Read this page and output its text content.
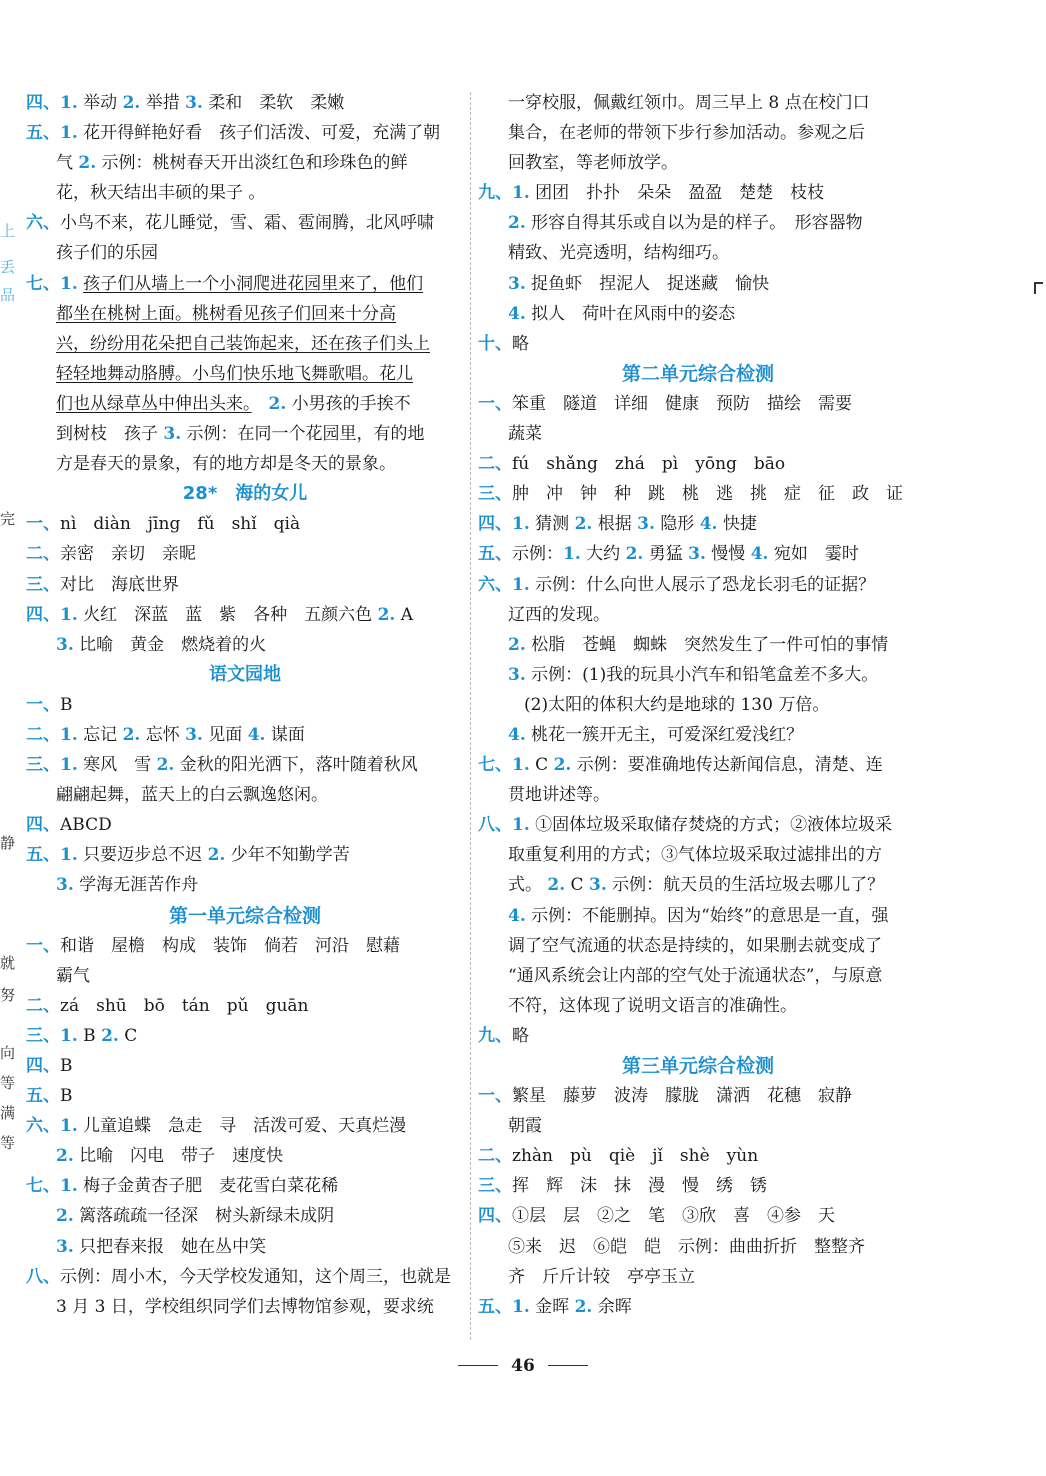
四、1. 举动 2. 举措 3. 柔和　柔软　柔嫩
五、1. 花开得鲜艳好看　孩子们活泼、可爱，充满了朝
气 2. 示例：桃树春天开出淡红色和珍珠色的鲜
花，秋天结出丰硕的果子 。
六、小鸟不来，花儿睡觉，雪、霜、雹闹腾，北风呼啸
孩子们的乐园
七、1. 孩子们从墙上一个小洞爬进花园里来了，他们
都坐在桃树上面。桃树看见孩子们回来十分高
兴，纷纷用花朵把自己装饰起来，还在孩子们头上
轻轻地舞动胳膊。小鸟们快乐地飞舞歌唱。花儿
们也从绿草丛中伸出头来。　 2. 小男孩的手挨不
到树枝　孩子 3. 示例：在同一个花园里，有的地
方是春天的景象，有的地方却是冬天的景象。
28*　海的女儿
一、nì　diàn　jīng　fǔ　shǐ　qià
二、亲密　亲切　亲昵
三、对比　海底世界
四、1. 火红　深蓝　蓝　紫　各种　五颜六色 2. A
3. 比喻　黄金　燃烧着的火
语文园地
一、B
二、1. 忘记 2. 忘怀 3. 见面 4. 谋面
三、1. 寒风　雪 2. 金秋的阳光洒下，落叶随着秋风
翩翩起舞，蓝天上的白云飘逸悠闲。
四、ABCD
五、1. 只要迈步总不迟 2. 少年不知勤学苦
3. 学海无涯苦作舟
第一单元综合检测
一、和谐　屋檐　构成　装饰　倘若　河沿　慰藉
霸气
二、zá　shū　bō　tán　pǔ　guān
三、1. B 2. C
四、B
五、B
六、1. 儿童追蝶　急走　寻　活泼可爱、天真烂漫
2. 比喻　闪电　带子　速度快
七、1. 梅子金黄杏子肥　麦花雪白菜花稀
2. 篱落疏疏一径深　树头新绿未成阴
3. 只把春来报　她在丛中笑
八、示例：周小木，今天学校发通知，这个周三，也就是
3 月 3 日，学校组织同学们去博物馆参观，要求统
一穿校服，佩戴红领巾。周三早上 8 点在校门口
集合，在老师的带领下步行参加活动。参观之后
回教室，等老师放学。
九、1. 团团　扑扑　朵朵　盈盈　楚楚　枝枝
2. 形容自得其乐或自以为是的样子。　形容器物
精致、光亮透明，结构细巧。
3. 捉鱼虾　捏泥人　捉迷藏　愉快
4. 拟人　荷叶在风雨中的姿态
十、略
第二单元综合检测
一、笨重　隧道　详细　健康　预防　描绘　需要
蔬菜
二、fú　shǎng　zhá　pì　yōng　bāo
三、肿　冲　钟　种　跳　桃　逃　挑　症　征　政　证
四、1. 猜测 2. 根据 3. 隐形 4. 快捷
五、示例：1. 大约 2. 勇猛 3. 慢慢 4. 宛如　霎时
六、1. 示例：什么向世人展示了恐龙长羽毛的证据？
辽西的发现。
2. 松脂　苍蝇　蜘蛛　突然发生了一件可怕的事情
3. 示例：(1)我的玩具小汽车和铅笔盒差不多大。
(2)太阳的体积大约是地球的 130 万倍。
4. 桃花一簇开无主，可爱深红爱浅红？
七、1. C 2. 示例：要准确地传达新闻信息，清楚、连
贯地讲述等。
八、1. ①固体垃圾采取储存焚烧的方式；②液体垃圾采
取重复利用的方式；③气体垃圾采取过滤排出的方
式。 2. C 3. 示例：航天员的生活垃圾去哪儿了？
4. 示例：不能删掉。因为“始终”的意思是一直，强
调了空气流通的状态是持续的，如果删去就变成了
“通风系统会让内部的空气处于流通状态”，与原意
不符，这体现了说明文语言的准确性。
九、略
第三单元综合检测
一、繁星　藤萝　波涛　朦胧　潇洒　花穗　寂静
朝霞
二、zhàn　pù　qiè　jǐ　shè　yùn
三、挥　辉　沫　抹　漫　慢　绣　锈
四、①层　层　②之　笔　③欣　喜　④参　天
⑤来　迟　⑥皑　皑　示例：曲曲折折　整整齐
齐　斤斤计较　亭亭玉立
五、1. 金晖 2. 余晖
完
静
就
努
向
等
满
等
上
丢
品
46
